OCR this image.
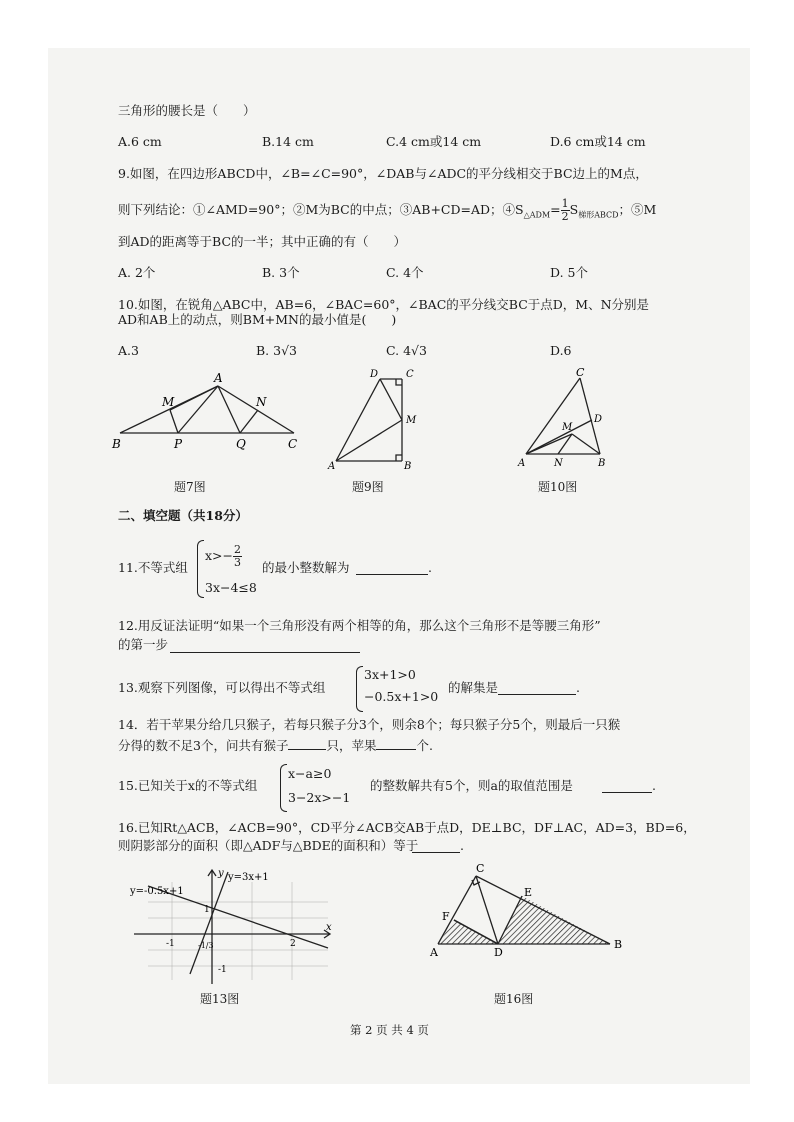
三角形的腰长是（　　）
A.6 cm	B.14 cm	C.4 cm或14 cm	D.6 cm或14 cm
9.如图，在四边形ABCD中，∠B=∠C=90°，∠DAB与∠ADC的平分线相交于BC边上的M点，
则下列结论：①∠AMD=90°；②M为BC的中点；③AB+CD=AD；$④S_{\triangle ADM}= \frac{1}{2} S_{梯形ABCD}$；⑤M
到AD的距离等于BC的一半；其中正确的有（　　）
A. 2个	B. 3个	C. 4个	D. 5个
10.如图，在锐角△ABC中，AB=6，∠BAC=60°，∠BAC的平分线交BC于点D，M、N分别是
AD和AB上的动点，则BM+MN的最小值是(　　)
A.3	B. 3√3	C. 4√3	D.6
A
M	N
B	P	Q	C
题7图
D	C
M
A	B
题9图
C
D
M
A	N	B
题10图
二、填空题（共18分）
11.不等式组
$x>- \frac{2}{3}$
3x−4≤8
的最小整数解为	.
12.用反证法证明“如果一个三角形没有两个相等的角，那么这个三角形不是等腰三角形”
的第一步
13.观察下列图像，可以得出不等式组
3x+1>0
−0.5x+1>0
的解集是	.
14．若干苹果分给几只猴子，若每只猴子分3个，则余8个；每只猴子分5个，则最后一只猴
分得的数不足3个，问共有猴子	只，苹果	个.
15.已知关于x的不等式组
x−a≥0
3−2x>−1
的整数解共有5个，则a的取值范围是	.
16.已知Rt△ACB，∠ACB=90°，CD平分∠ACB交AB于点D，DE⊥BC，DF⊥AC，AD=3，BD=6，
则阴影部分的面积（即△ADF与△BDE的面积和）等于	.
y y=3x+1
y=-0.5x+1
1
-1	-1/3	2
x
-1
题13图
C
E
F
A	D
B
题16图
第 2 页 共 4 页
